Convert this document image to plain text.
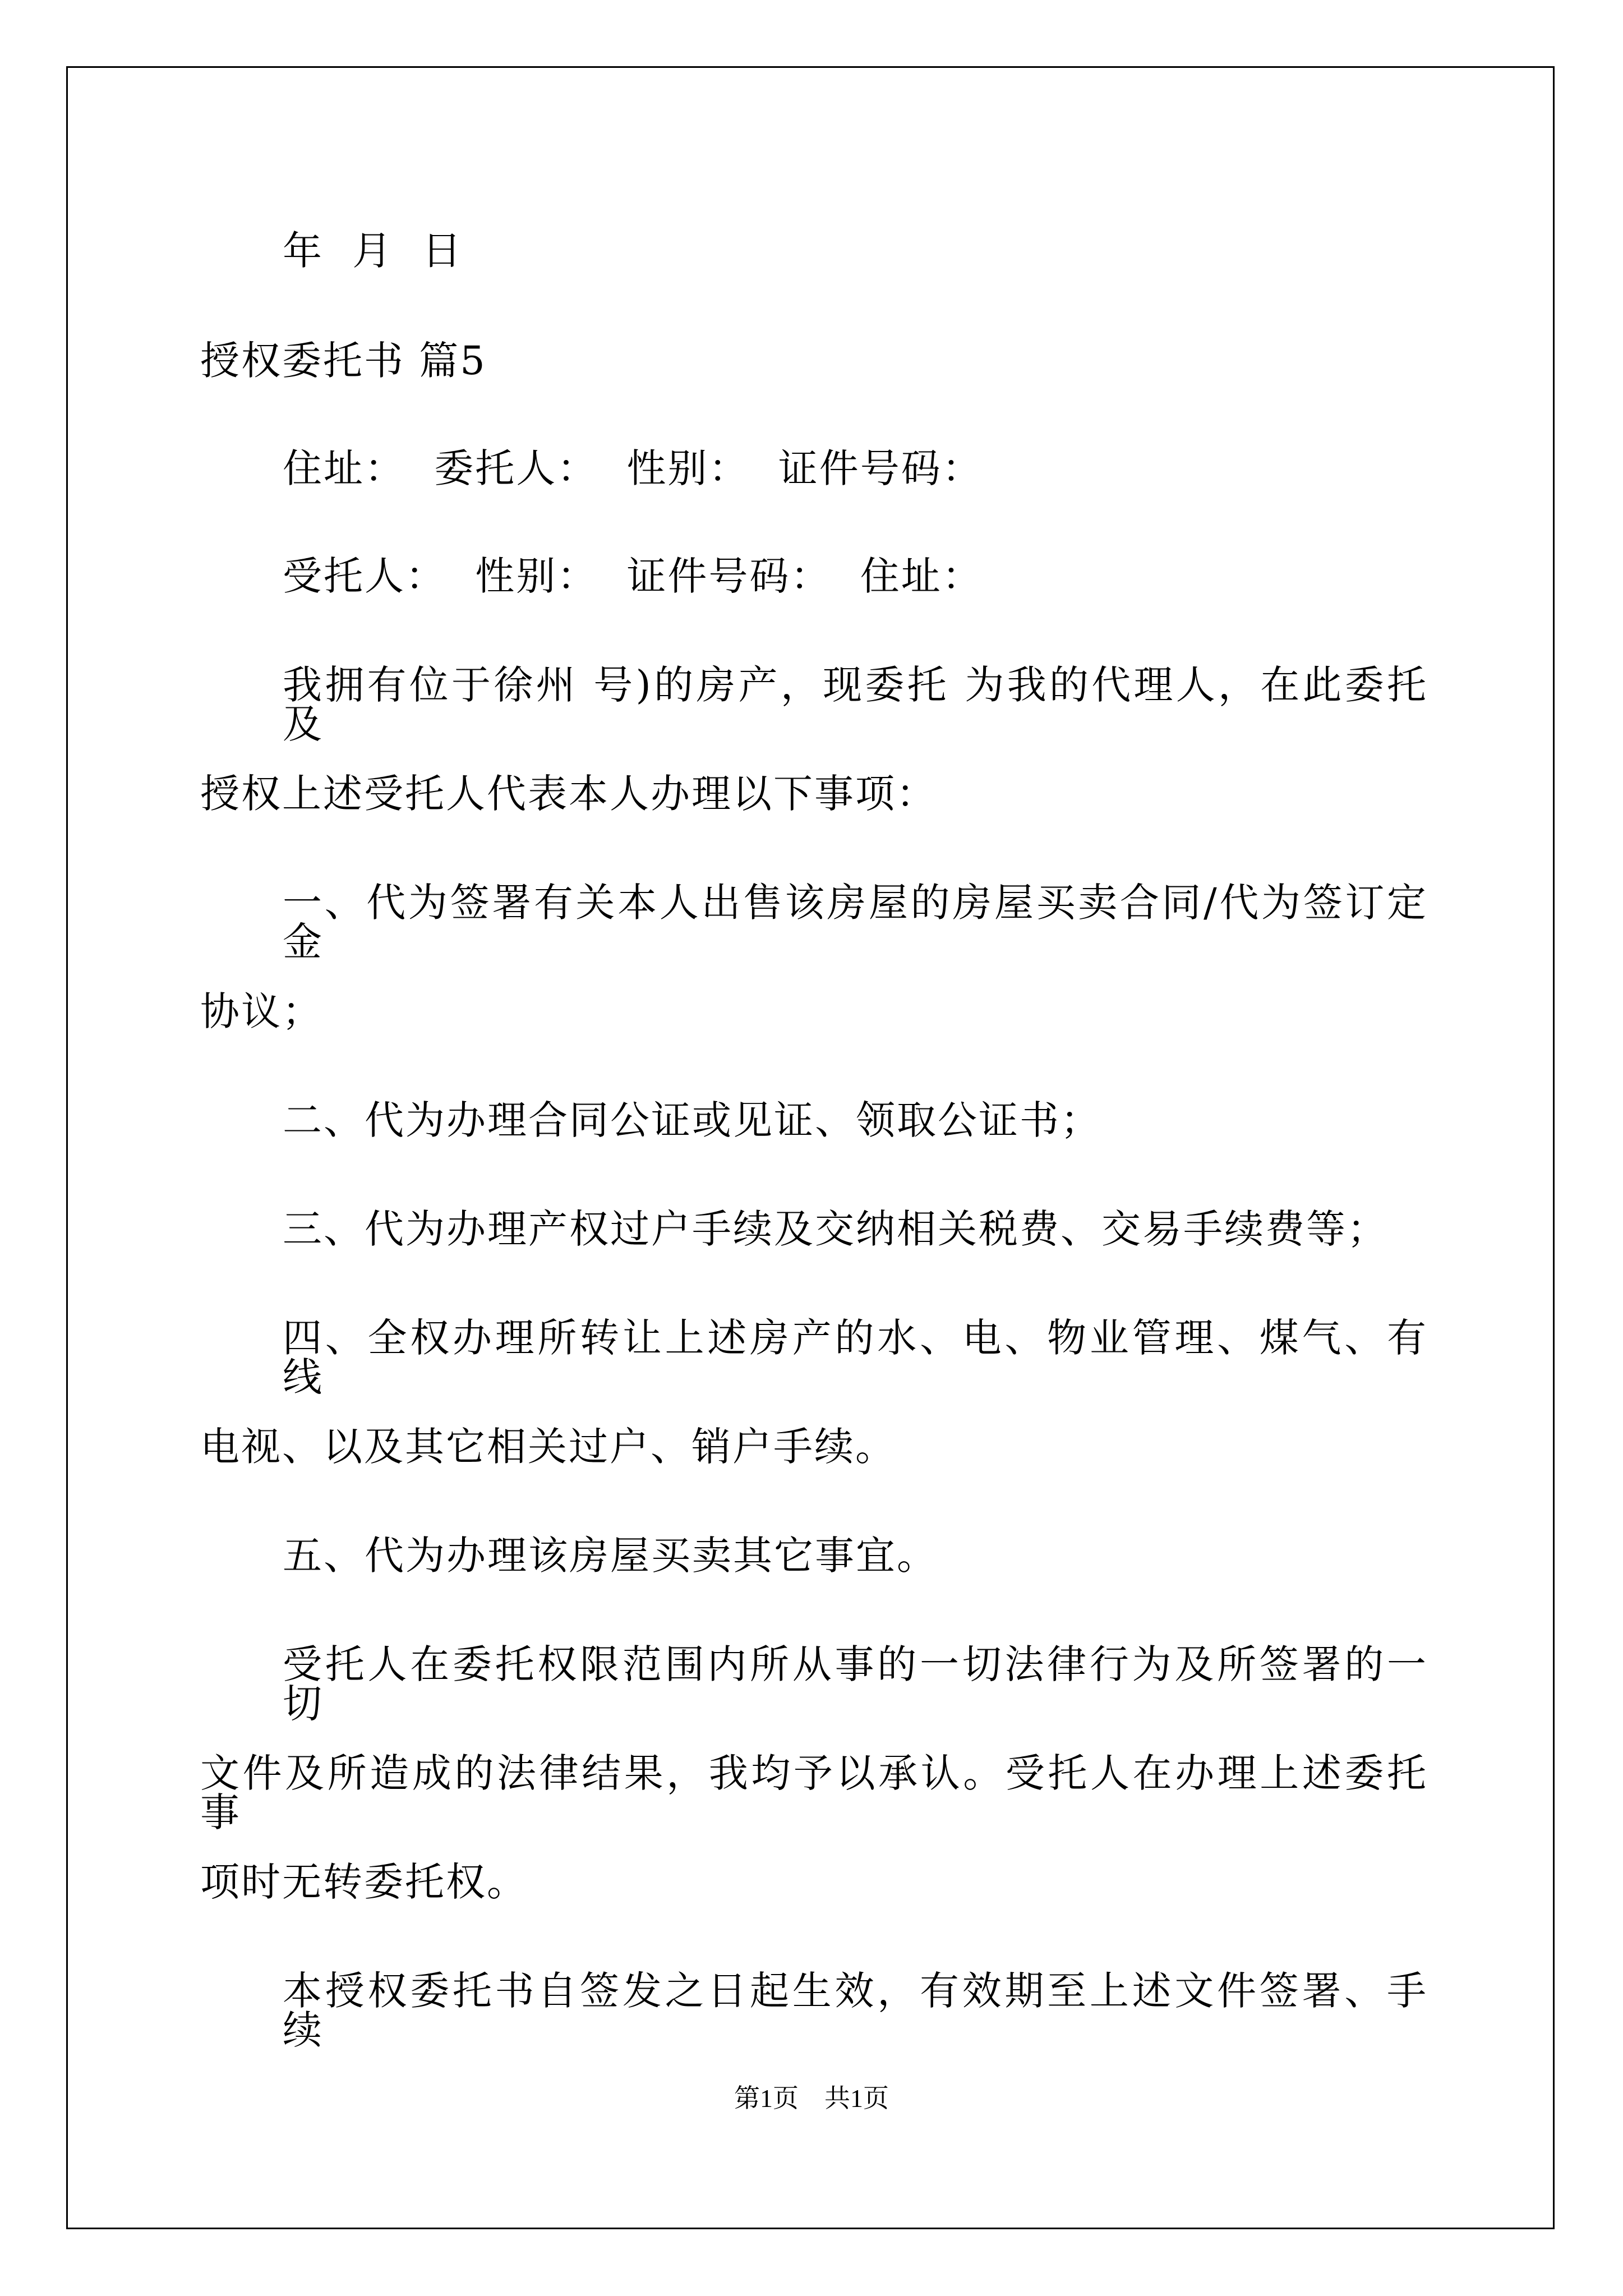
年 月 日
授权委托书 篇5
住址： 委托人： 性别： 证件号码：
受托人： 性别： 证件号码： 住址：
我拥有位于徐州 号)的房产，现委托 为我的代理人，在此委托及
授权上述受托人代表本人办理以下事项：
一、代为签署有关本人出售该房屋的房屋买卖合同/代为签订定金
协议；
二、代为办理合同公证或见证、领取公证书；
三、代为办理产权过户手续及交纳相关税费、交易手续费等；
四、全权办理所转让上述房产的水、电、物业管理、煤气、有线
电视、以及其它相关过户、销户手续。
五、代为办理该房屋买卖其它事宜。
受托人在委托权限范围内所从事的一切法律行为及所签署的一切
文件及所造成的法律结果，我均予以承认。受托人在办理上述委托事
项时无转委托权。
本授权委托书自签发之日起生效，有效期至上述文件签署、手续
第1页　共1页
